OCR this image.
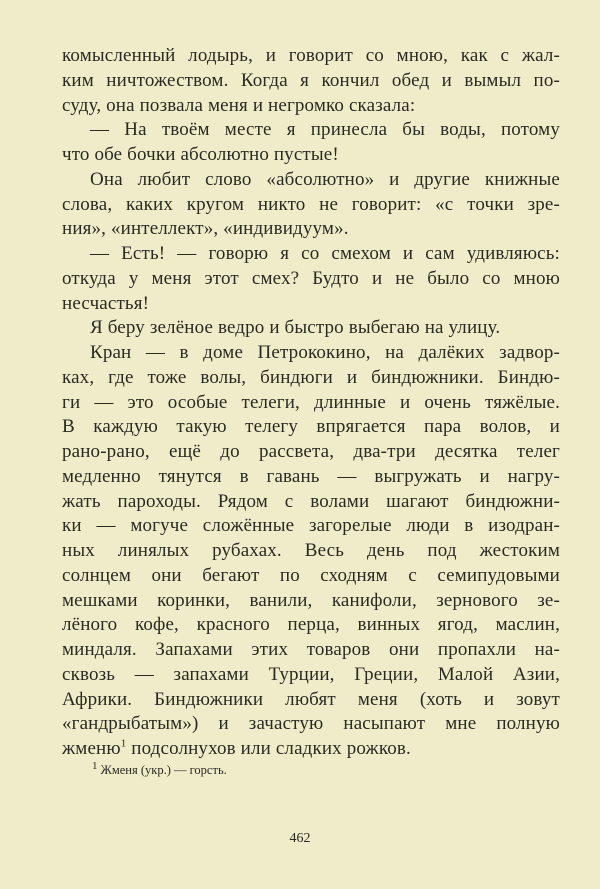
комысленный лодырь, и говорит со мною, как с жал-
ким ничтожеством. Когда я кончил обед и вымыл по-
суду, она позвала меня и негромко сказала:
— На твоём месте я принесла бы воды, потому
что обе бочки абсолютно пустые!
Она любит слово «абсолютно» и другие книжные
слова, каких кругом никто не говорит: «с точки зре-
ния», «интеллект», «индивидуум».
— Есть! — говорю я со смехом и сам удивляюсь:
откуда у меня этот смех? Будто и не было со мною
несчастья!
Я беру зелёное ведро и быстро выбегаю на улицу.
Кран — в доме Петрококино, на далёких задвор-
ках, где тоже волы, биндюги и биндюжники. Биндю-
ги — это особые телеги, длинные и очень тяжёлые.
В каждую такую телегу впрягается пара волов, и
рано-рано, ещё до рассвета, два-три десятка телег
медленно тянутся в гавань — выгружать и нагру-
жать пароходы. Рядом с волами шагают биндюжни-
ки — могуче сложённые загорелые люди в изодран-
ных линялых рубахах. Весь день под жестоким
солнцем они бегают по сходням с семипудовыми
мешками коринки, ванили, канифоли, зернового зе-
лёного кофе, красного перца, винных ягод, маслин,
миндаля. Запахами этих товаров они пропахли на-
сквозь — запахами Турции, Греции, Малой Азии,
Африки. Биндюжники любят меня (хоть и зовут
«гандрыбатым») и зачастую насыпают мне полную
жменю$^1$ подсолнухов или сладких рожков.
1 Жменя (укр.) — горсть.
462
